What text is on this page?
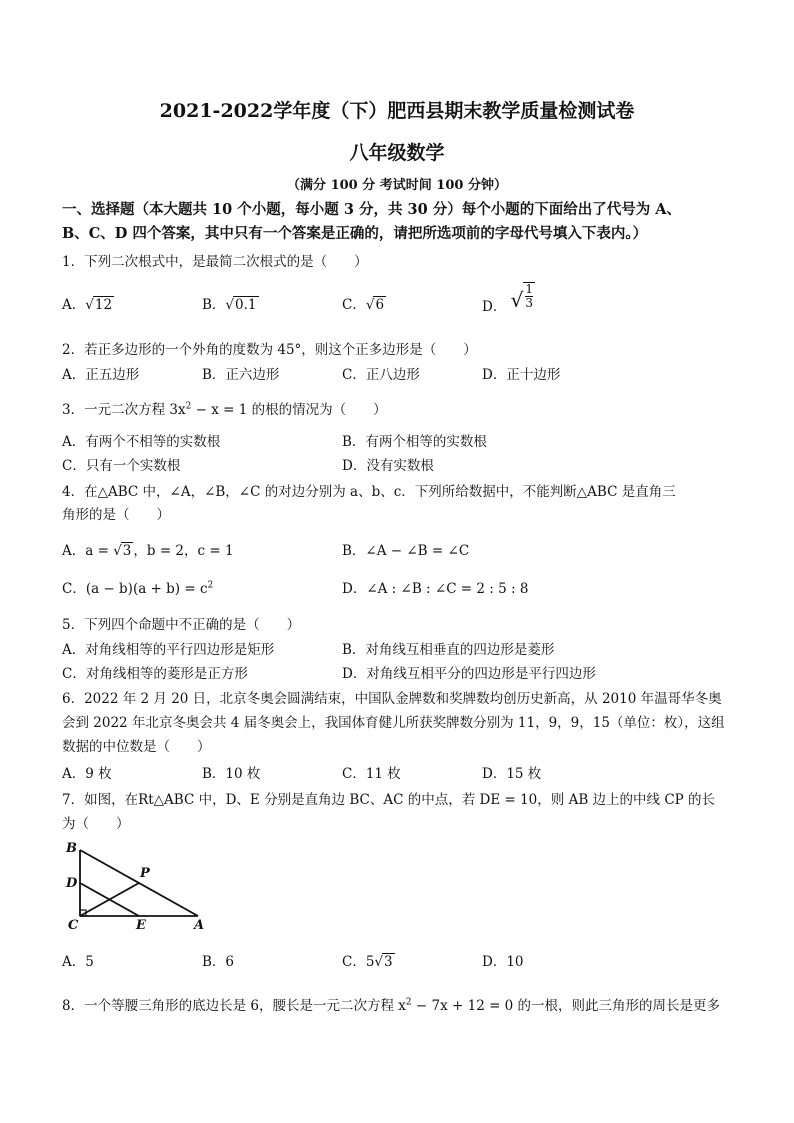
2021-2022学年度（下）肥西县期末教学质量检测试卷
八年级数学
（满分 100 分 考试时间 100 分钟）
一、选择题（本大题共 10 个小题，每小题 3 分，共 30 分）每个小题的下面给出了代号为 A、
B、C、D 四个答案，其中只有一个答案是正确的，请把所选项前的字母代号填入下表内。）
1．下列二次根式中，是最简二次根式的是（　　）
A．√12	B．√0.1	C．√6	D． √ $\frac{1}{3}$
2．若正多边形的一个外角的度数为 45°，则这个正多边形是（　　）
A．正五边形	B．正六边形	C．正八边形	D．正十边形
3．一元二次方程 $3x^2 - x = 1$ 的根的情况为（　　）
A．有两个不相等的实数根	B．有两个相等的实数根
C．只有一个实数根	D．没有实数根
4．在△ABC 中，∠A，∠B，∠C 的对边分别为 a、b、c．下列所给数据中，不能判断△ABC 是直角三
角形的是（　　）
A．a = √3 ，b = 2，c = 1	B．∠A − ∠B = ∠C
C．$(a - b)(a + b) = c^2$	D．∠A : ∠B : ∠C = 2 : 5 : 8
5．下列四个命题中不正确的是（　　）
A．对角线相等的平行四边形是矩形	B．对角线互相垂直的四边形是菱形
C．对角线相等的菱形是正方形	D．对角线互相平分的四边形是平行四边形
6．2022 年 2 月 20 日，北京冬奥会圆满结束，中国队金牌数和奖牌数均创历史新高，从 2010 年温哥华冬奥
会到 2022 年北京冬奥会共 4 届冬奥会上，我国体育健儿所获奖牌数分别为 11，9，9，15（单位：枚），这组
数据的中位数是（　　）
A．9 枚	B．10 枚	C．11 枚	D．15 枚
7．如图，在Rt△ABC 中，D、E 分别是直角边 BC、AC 的中点，若 DE = 10，则 AB 边上的中线 CP 的长
为（　　）
B
P
D
C	E	A
A．5	B．6	C．5√3	D．10
8．一个等腰三角形的底边长是 6，腰长是一元二次方程 $x^2 - 7x + 12 = 0$ 的一根，则此三角形的周长是更多
